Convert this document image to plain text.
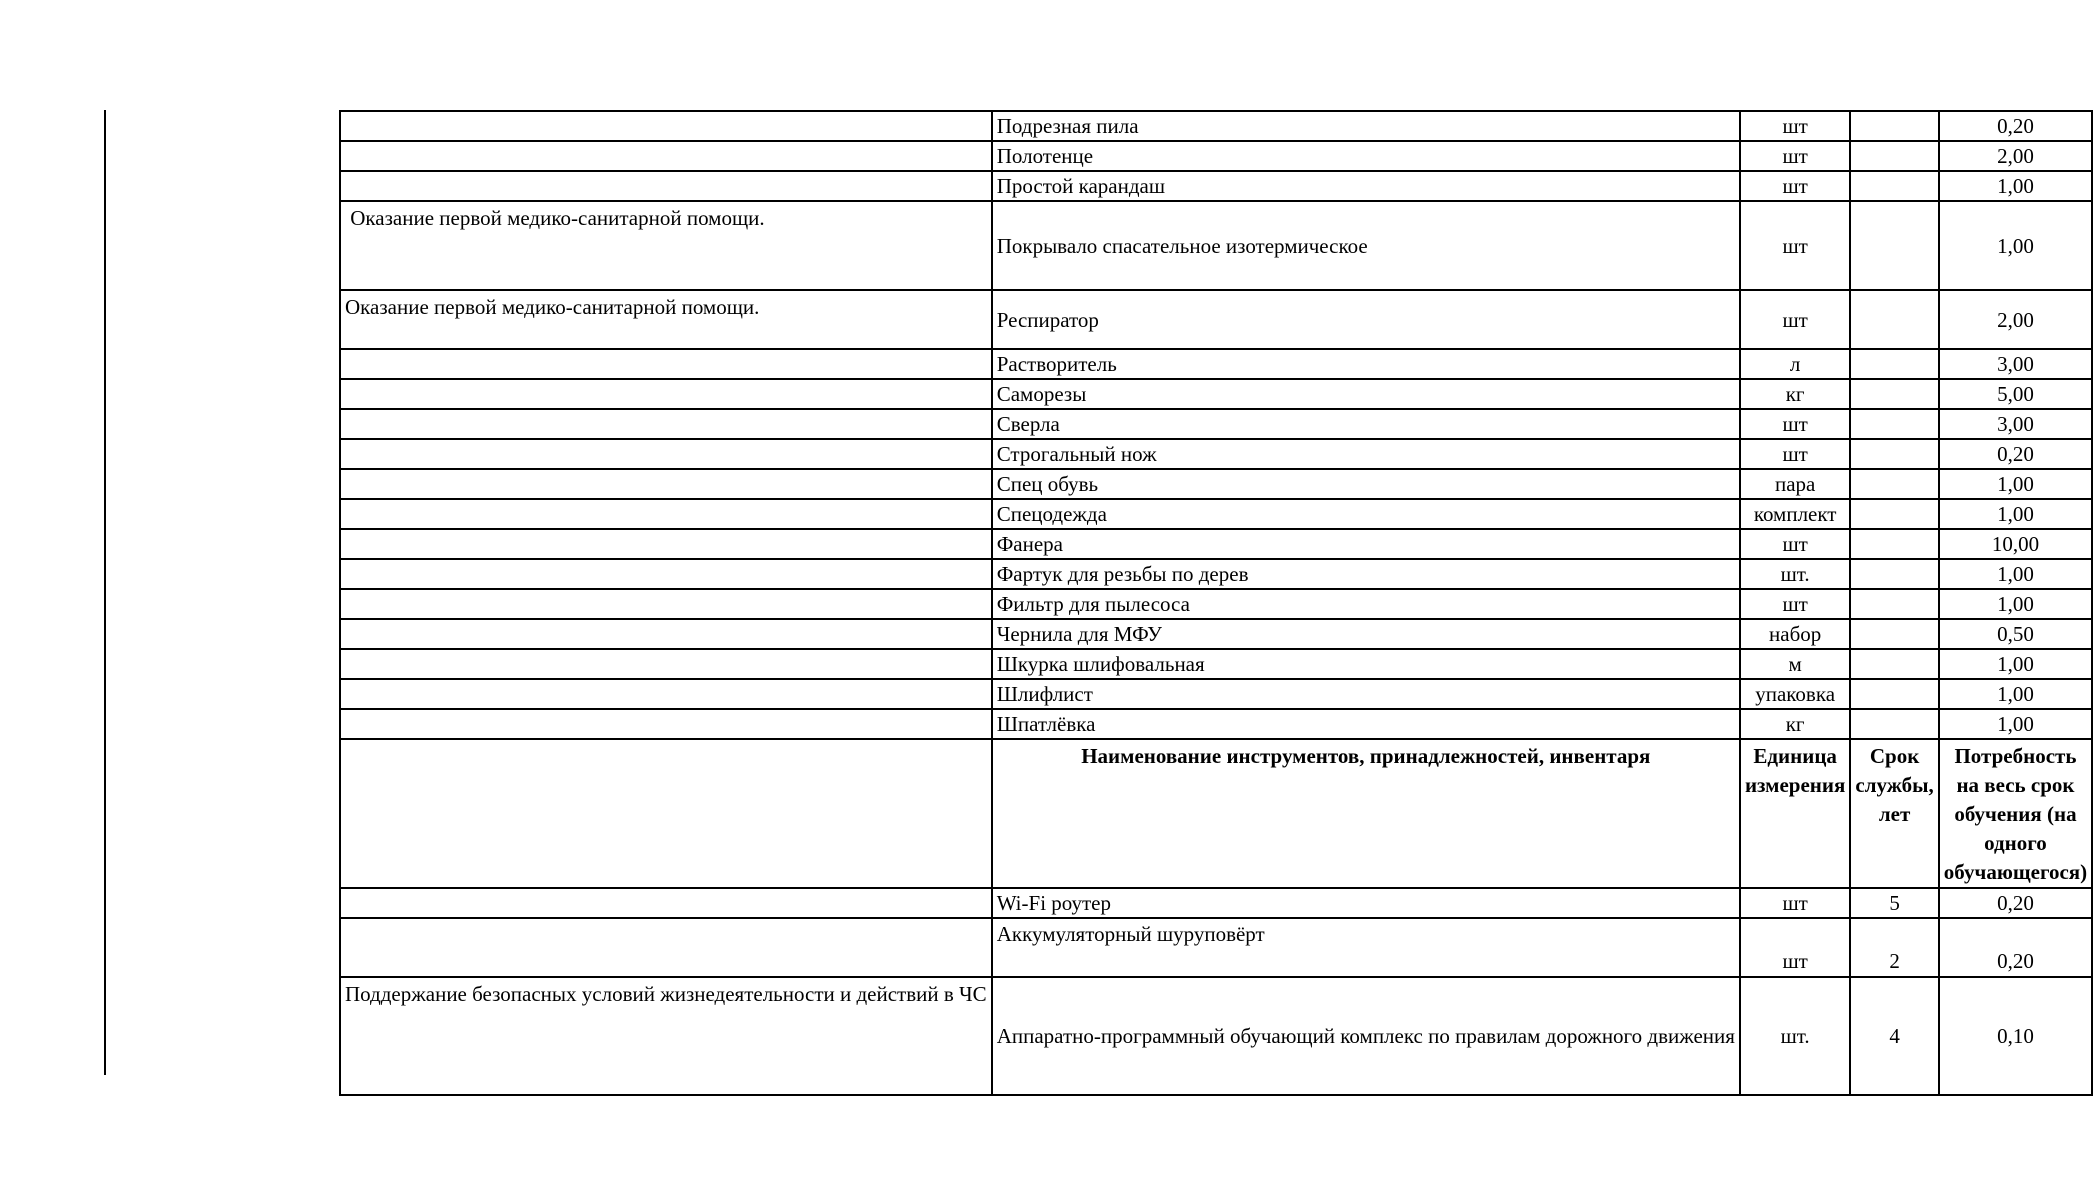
	Подрезная пила	шт		0,20
	Полотенце	шт		2,00
	Простой карандаш	шт		1,00
Оказание первой медико-санитарной помощи.	Покрывало спасательное изотермическое	шт		1,00
Оказание первой медико-санитарной помощи.	Респиратор	шт		2,00
	Растворитель	л		3,00
	Саморезы	кг		5,00
	Сверла	шт		3,00
	Строгальный нож	шт		0,20
	Спец обувь	пара		1,00
	Спецодежда	комплект		1,00
	Фанера	шт		10,00
	Фартук для резьбы по дерев	шт.		1,00
	Фильтр для пылесоса	шт		1,00
	Чернила для МФУ	набор		0,50
	Шкурка шлифовальная	м		1,00
	Шлифлист	упаковка		1,00
	Шпатлёвка	кг		1,00
	Наименование инструментов, принадлежностей, инвентаря	Единица измерения	Срок службы, лет	Потребность на весь срок обучения (на одного обучающегося)
	Wi-Fi роутер	шт	5	0,20
	Аккумуляторный шуруповёрт	шт	2	0,20
Поддержание безопасных условий жизнедеятельности и действий в ЧС	Аппаратно-программный обучающий комплекс по правилам дорожного движения	шт.	4	0,10
